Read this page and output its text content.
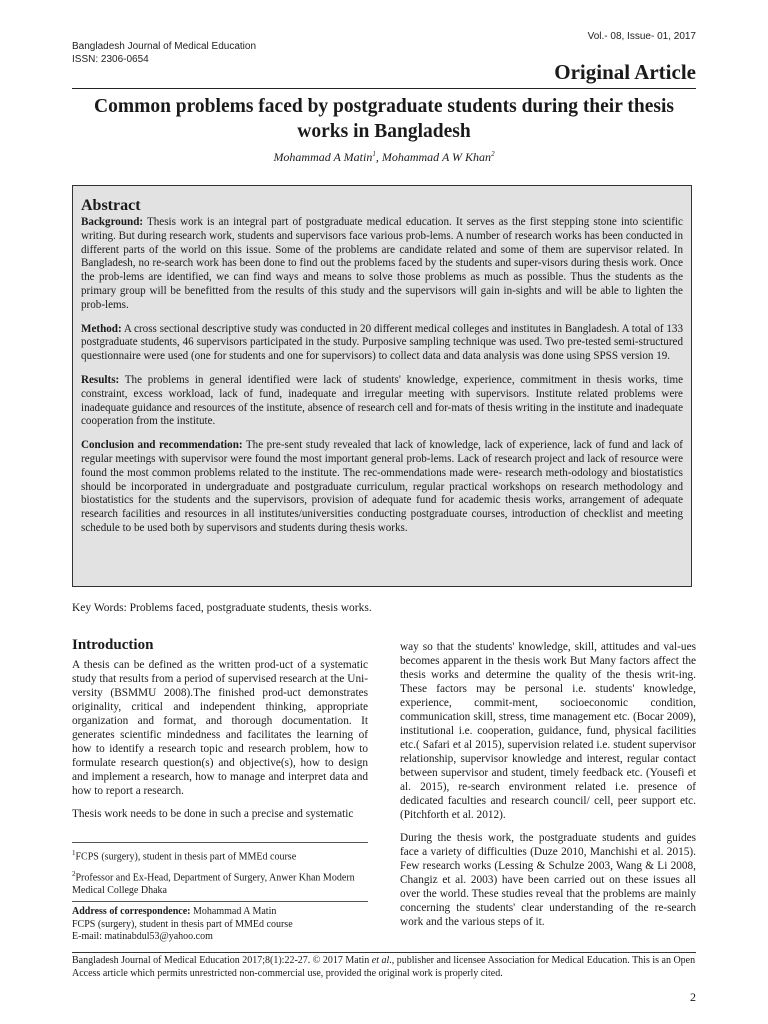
Bangladesh Journal of Medical Education
ISSN: 2306-0654
Vol.- 08, Issue- 01, 2017
Original Article
Common problems faced by postgraduate students during their thesis works in Bangladesh
Mohammad A Matin$^1$, Mohammad A W Khan$^2$
Abstract

Background: Thesis work is an integral part of postgraduate medical education. It serves as the first stepping stone into scientific writing. But during research work, students and supervisors face various prob-lems. A number of research works has been conducted in different parts of the world on this issue. Some of the problems are candidate related and some of them are supervisor related. In Bangladesh, no re-search work has been done to find out the problems faced by the students and super-visors during thesis work. Once the prob-lems are identified, we can find ways and means to solve those problems as much as possible. Thus the students as the primary group will be benefitted from the results of this study and the supervisors will gain in-sights and will be able to lighten the prob-lems.

Method: A cross sectional descriptive study was conducted in 20 different medical colleges and institutes in Bangladesh. A total of 133 postgraduate students, 46 supervisors participated in the study. Purposive sampling technique was used. Two pre-tested semi-structured questionnaire were used (one for students and one for supervisors) to collect data and data analysis was done using SPSS version 19.

Results: The problems in general identified were lack of students' knowledge, experience, commitment in thesis works, time constraint, excess workload, lack of fund, inadequate and irregular meeting with supervisors. Institute related problems were inadequate guidance and resources of the institute, absence of research cell and for-mats of thesis writing in the institute and inadequate cooperation from the institute.

Conclusion and recommendation: The pre-sent study revealed that lack of knowledge, lack of experience, lack of fund and lack of regular meetings with supervisor were found the most important general prob-lems. Lack of research project and lack of resource were found the most common problems related to the institute. The rec-ommendations made were- research meth-odology and biostatistics should be incorporated in undergraduate and postgraduate curriculum, regular practical workshops on research methodology and biostatistics for the students and the supervisors, provision of adequate fund for academic thesis works, arrangement of adequate research facilities and resources in all institutes/universities conducting postgraduate courses, introduction of checklist and meeting schedule to be used both by supervisors and students during thesis works.

Key Words: Problems faced, postgraduate students, thesis works.
Introduction

A thesis can be defined as the written prod-uct of a systematic study that results from a period of supervised research at the Uni-versity (BSMMU 2008).The finished prod-uct demonstrates originality, critical and independent thinking, appropriate organization and format, and thorough documentation. It generates scientific mindedness and facilitates the learning of how to identify a research topic and research problem, how to formulate research question(s) and objective(s), how to design and implement a research, how to manage and interpret data and how to report a research.

Thesis work needs to be done in such a precise and systematic

way so that the students' knowledge, skill, attitudes and val-ues becomes apparent in the thesis work But Many factors affect the thesis works and determine the quality of the thesis writ-ing. These factors may be personal i.e. students' knowledge, experience, commit-ment, socioeconomic condition, communication skill, stress, time management etc. (Bocar 2009), institutional i.e. cooperation, guidance, fund, physical facilities etc.( Safari et al 2015), supervision related i.e. student supervisor relationship, supervisor knowledge and interest, regular contact between supervisor and student, timely feedback etc. (Yousefi et al. 2015), re-search environment related i.e. presence of dedicated faculties and research council/ cell, peer support etc. (Pitchforth et al. 2012).

During the thesis work, the postgraduate students and guides face a variety of difficulties (Duze 2010, Manchishi et al. 2015). Few research works (Lessing & Schulze 2003, Wang & Li 2008, Changiz et al. 2003) have been carried out on these issues all over the world. These studies reveal that the problems are mainly concerning the students' clear understanding of the re-search work and the various steps of it.

$^1$FCPS (surgery), student in thesis part of MMEd course

$^2$Professor and Ex-Head, Department of Surgery, Anwer Khan Modern Medical College Dhaka

Address of correspondence: Mohammad A Matin
FCPS (surgery), student in thesis part of MMEd course
E-mail: matinabdul53@yahoo.com

Bangladesh Journal of Medical Education 2017;8(1):22-27. © 2017 Matin et al., publisher and licensee Association for Medical Education. This is an Open Access article which permits unrestricted non-commercial use, provided the original work is properly cited.
2
